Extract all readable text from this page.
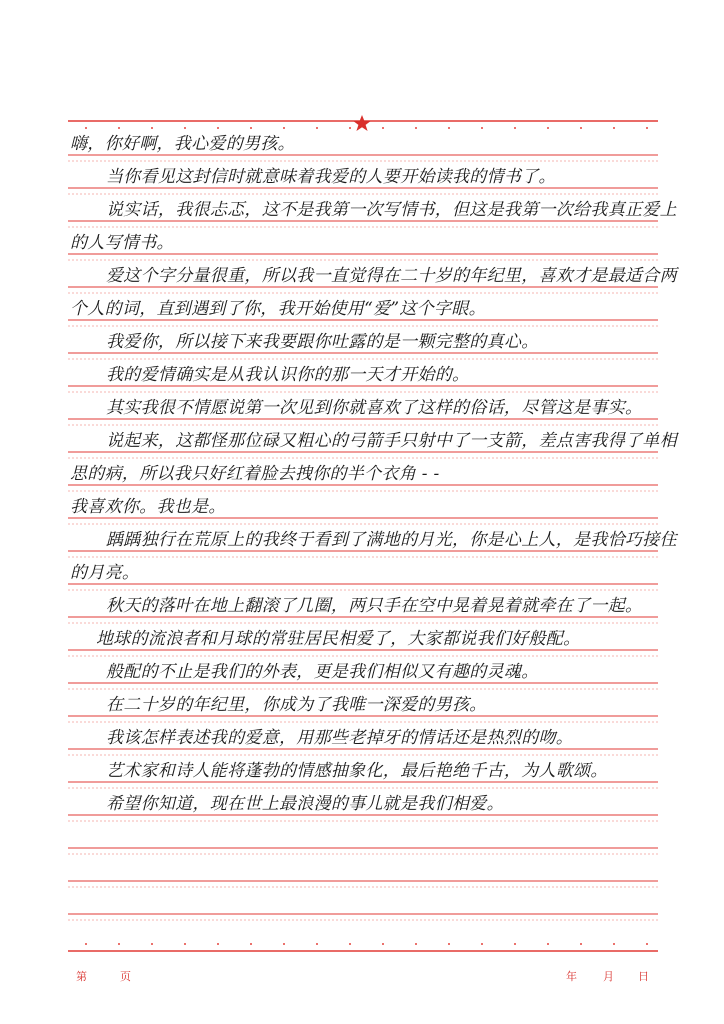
嗨，你好啊，我心爱的男孩。
当你看见这封信时就意味着我爱的人要开始读我的情书了。
说实话，我很忐忑，这不是我第一次写情书，但这是我第一次给我真正爱上
的人写情书。
爱这个字分量很重，所以我一直觉得在二十岁的年纪里，喜欢才是最适合两
个人的词，直到遇到了你，我开始使用“爱”这个字眼。
我爱你，所以接下来我要跟你吐露的是一颗完整的真心。
我的爱情确实是从我认识你的那一天才开始的。
其实我很不情愿说第一次见到你就喜欢了这样的俗话，尽管这是事实。
说起来，这都怪那位碌又粗心的弓箭手只射中了一支箭，差点害我得了单相
思的病，所以我只好红着脸去拽你的半个衣角 - -
我喜欢你。我也是。
踽踽独行在荒原上的我终于看到了满地的月光，你是心上人，是我恰巧接住
的月亮。
秋天的落叶在地上翻滚了几圈，两只手在空中晃着晃着就牵在了一起。
地球的流浪者和月球的常驻居民相爱了，大家都说我们好般配。
般配的不止是我们的外表，更是我们相似又有趣的灵魂。
在二十岁的年纪里，你成为了我唯一深爱的男孩。
我该怎样表述我的爱意，用那些老掉牙的情话还是热烈的吻。
艺术家和诗人能将蓬勃的情感抽象化，最后艳绝千古，为人歌颂。
希望你知道，现在世上最浪漫的事儿就是我们相爱。
第	页	年 月 日
